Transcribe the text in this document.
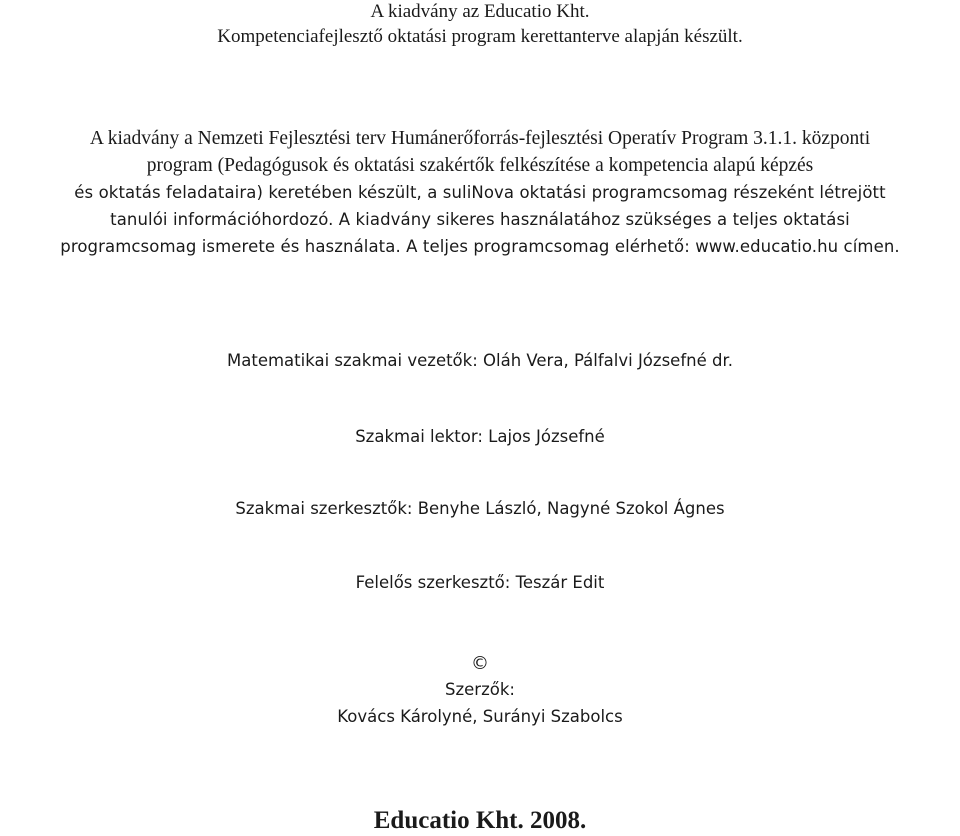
A kiadvány az Educatio Kht.
Kompetenciafejlesztő oktatási program kerettanterve alapján készült.
A kiadvány a Nemzeti Fejlesztési terv Humánerőforrás-fejlesztési Operatív Program 3.1.1. központi
program (Pedagógusok és oktatási szakértők felkészítése a kompetencia alapú képzés
és oktatás feladataira) keretében készült, a suliNova oktatási programcsomag részeként létrejött
tanulói információhordozó. A kiadvány sikeres használatához szükséges a teljes oktatási
programcsomag ismerete és használata. A teljes programcsomag elérhető: www.educatio.hu címen.
Matematikai szakmai vezetők: Oláh Vera, Pálfalvi Józsefné dr.
Szakmai lektor: Lajos Józsefné
Szakmai szerkesztők: Benyhe László, Nagyné Szokol Ágnes
Felelős szerkesztő: Teszár Edit
©
Szerzők:
Kovács Károlyné, Surányi Szabolcs
Educatio Kht. 2008.
